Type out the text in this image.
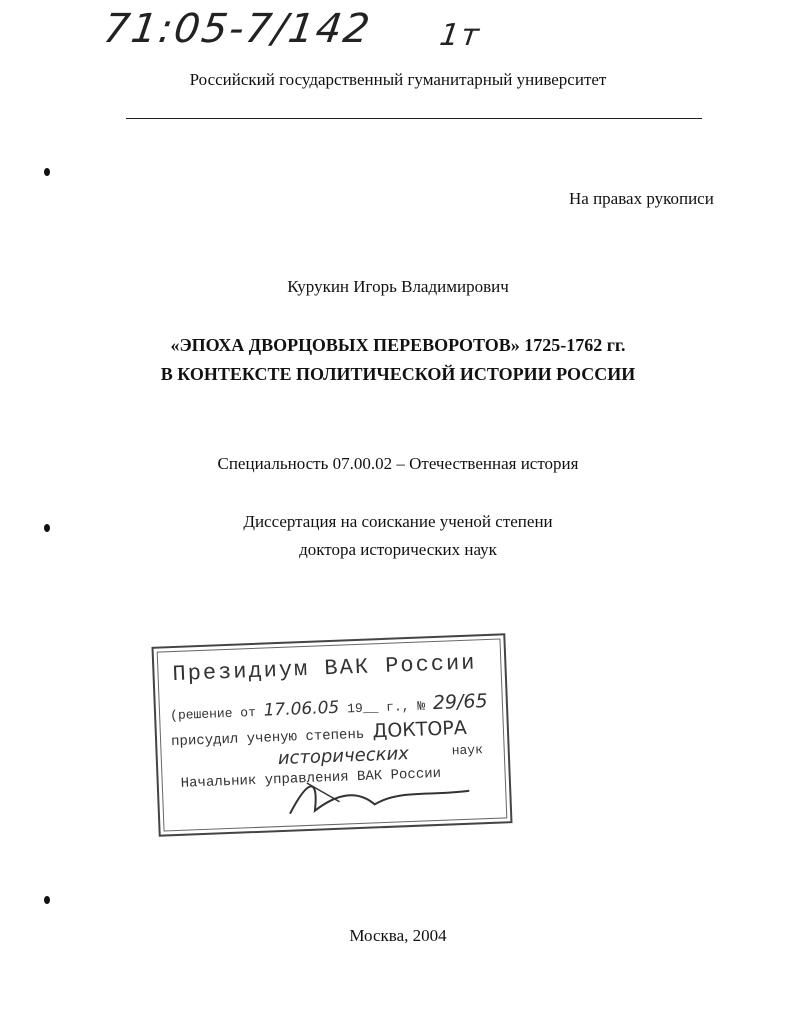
71:05-7/142 1т
Российский государственный гуманитарный университет
На правах рукописи
Курукин Игорь Владимирович
«ЭПОХА ДВОРЦОВЫХ ПЕРЕВОРОТОВ» 1725-1762 гг.
В КОНТЕКСТЕ ПОЛИТИЧЕСКОЙ ИСТОРИИ РОССИИ
Специальность 07.00.02 – Отечественная история
Диссертация на соискание ученой степени
доктора исторических наук
Президиум ВАК России
(решение от 17.06.05 19__ г., № 29/65
присудил ученую степень ДОКТОРА
исторических	наук
Начальник управления ВАК России
Москва, 2004
